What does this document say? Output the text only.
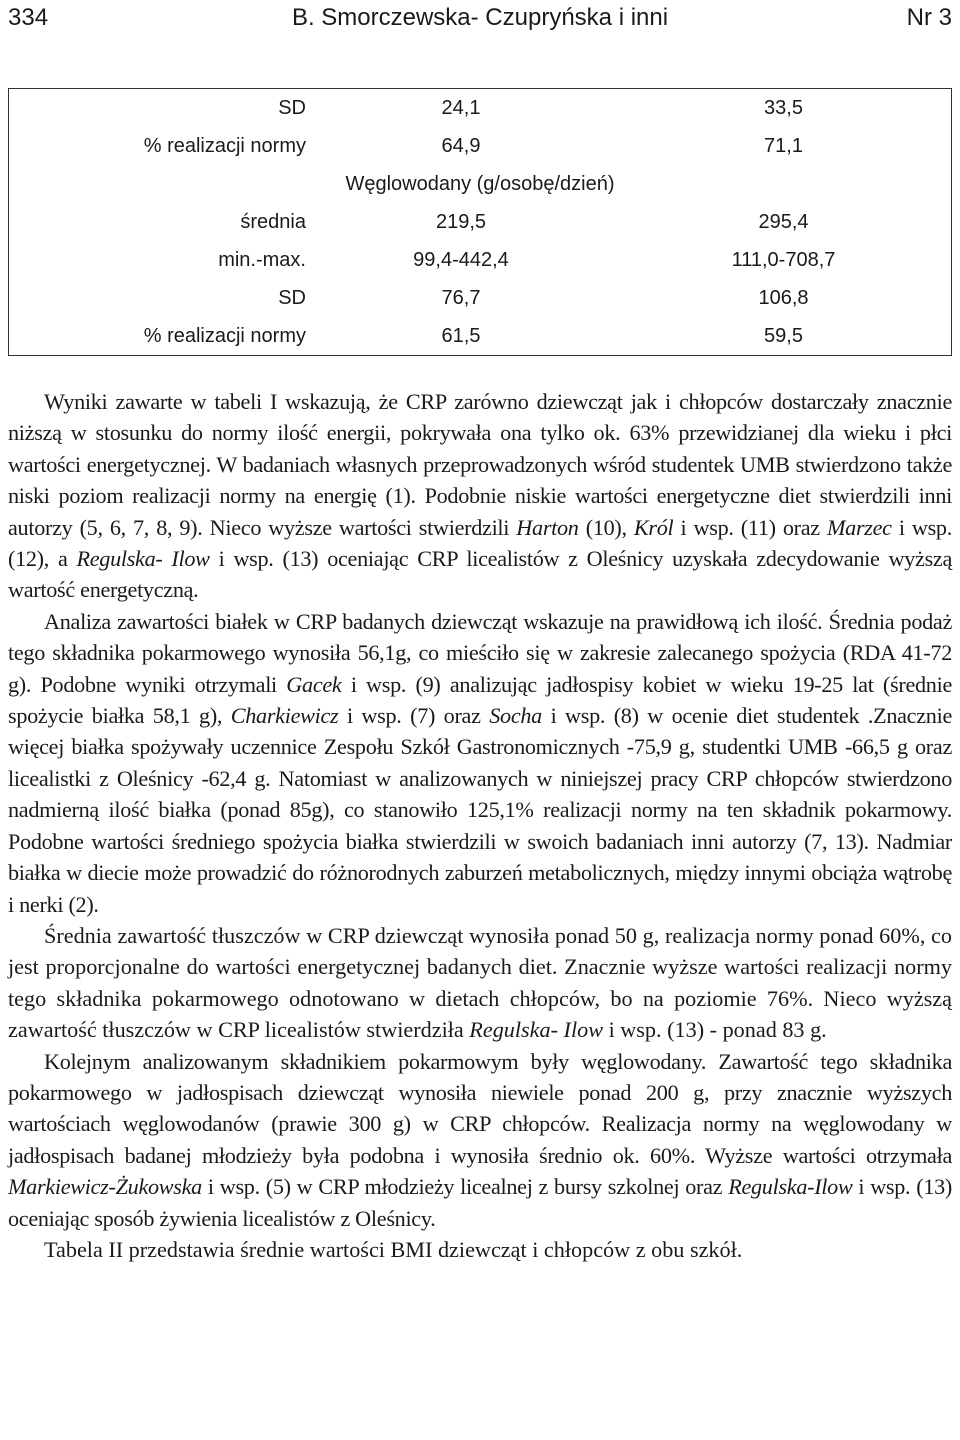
334	B. Smorczewska- Czupryńska i inni	Nr 3
SD	24,1	33,5
% realizacji normy	64,9	71,1
Węglowodany (g/osobę/dzień)		
średnia	219,5	295,4
min.-max.	99,4-442,4	111,0-708,7
SD	76,7	106,8
% realizacji normy	61,5	59,5

Wyniki zawarte w tabeli I wskazują, że CRP zarówno dziewcząt jak i chłopców dostarczały znacznie niższą w stosunku do normy ilość energii, pokrywała ona tylko ok. 63% przewidzianej dla wieku i płci wartości energetycznej. W badaniach własnych przeprowadzonych wśród studentek UMB stwierdzono także niski poziom realizacji normy na energię (1). Podobnie niskie wartości energetyczne diet stwierdzili inni autorzy (5, 6, 7, 8, 9). Nieco wyższe wartości stwierdzili Harton (10), Król i wsp. (11) oraz Marzec i wsp. (12), a Regulska- Ilow i wsp. (13) oceniając CRP licealistów z Oleśnicy uzyskała zdecydowanie wyższą wartość energetyczną.

Analiza zawartości białek w CRP badanych dziewcząt wskazuje na prawidłową ich ilość. Średnia podaż tego składnika pokarmowego wynosiła 56,1g, co mieściło się w zakresie zalecanego spożycia (RDA 41-72 g). Podobne wyniki otrzymali Gacek i wsp. (9) analizując jadłospisy kobiet w wieku 19-25 lat (średnie spożycie białka 58,1 g), Charkiewicz i wsp. (7) oraz Socha i wsp. (8) w ocenie diet studentek .Znacznie więcej białka spożywały uczennice Zespołu Szkół Gastronomicznych -75,9 g, studentki UMB -66,5 g oraz licealistki z Oleśnicy -62,4 g. Natomiast w analizowanych w niniejszej pracy CRP chłopców stwierdzono nadmierną ilość białka (ponad 85g), co stanowiło 125,1% realizacji normy na ten składnik pokarmowy. Podobne wartości średniego spożycia białka stwierdzili w swoich badaniach inni autorzy (7, 13). Nadmiar białka w diecie może prowadzić do różnorodnych zaburzeń metabolicznych, między innymi obciąża wątrobę i nerki (2).

Średnia zawartość tłuszczów w CRP dziewcząt wynosiła ponad 50 g, realizacja normy ponad 60%, co jest proporcjonalne do wartości energetycznej badanych diet. Znacznie wyższe wartości realizacji normy tego składnika pokarmowego odnotowano w dietach chłopców, bo na poziomie 76%. Nieco wyższą zawartość tłuszczów w CRP licealistów stwierdziła Regulska- Ilow i wsp. (13) - ponad 83 g.

Kolejnym analizowanym składnikiem pokarmowym były węglowodany. Zawartość tego składnika pokarmowego w jadłospisach dziewcząt wynosiła niewiele ponad 200 g, przy znacznie wyższych wartościach węglowodanów (prawie 300 g) w CRP chłopców. Realizacja normy na węglowodany w jadłospisach badanej młodzieży była podobna i wynosiła średnio ok. 60%. Wyższe wartości otrzymała Markiewicz-Żukowska i wsp. (5) w CRP młodzieży licealnej z bursy szkolnej oraz Regulska-Ilow i wsp. (13) oceniając sposób żywienia licealistów z Oleśnicy.

Tabela II przedstawia średnie wartości BMI dziewcząt i chłopców z obu szkół.
